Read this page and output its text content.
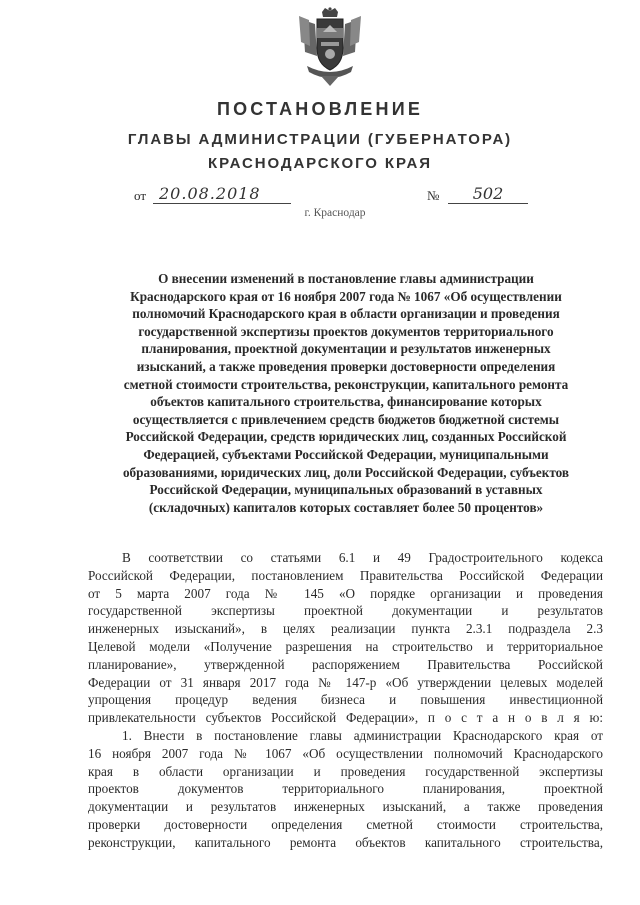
ПОСТАНОВЛЕНИЕ
ГЛАВЫ АДМИНИСТРАЦИИ (ГУБЕРНАТОРА)
КРАСНОДАРСКОГО КРАЯ
от 20.08.2018	№	502
г. Краснодар
О внесении изменений в постановление главы администрации
Краснодарского края от 16 ноября 2007 года № 1067 «Об осуществлении
полномочий Краснодарского края в области организации и проведения
государственной экспертизы проектов документов территориального
планирования, проектной документации и результатов инженерных
изысканий, а также проведения проверки достоверности определения
сметной стоимости строительства, реконструкции, капитального ремонта
объектов капитального строительства, финансирование которых
осуществляется с привлечением средств бюджетов бюджетной системы
Российской Федерации, средств юридических лиц, созданных Российской
Федерацией, субъектами Российской Федерации, муниципальными
образованиями, юридических лиц, доли Российской Федерации, субъектов
Российской Федерации, муниципальных образований в уставных
(складочных) капиталов которых составляет более 50 процентов»
В соответствии со статьями 6.1 и 49 Градостроительного кодекса
Российской Федерации, постановлением Правительства Российской Федерации
от 5 марта 2007 года № 145 «О порядке организации и проведения
государственной экспертизы проектной документации и результатов
инженерных изысканий», в целях реализации пункта 2.3.1 подраздела 2.3
Целевой модели «Получение разрешения на строительство и территориальное
планирование», утвержденной распоряжением Правительства Российской
Федерации от 31 января 2017 года № 147-р «Об утверждении целевых моделей
упрощения процедур ведения бизнеса и повышения инвестиционной
привлекательности субъектов Российской Федерации», п о с т а н о в л я ю:
1. Внести в постановление главы администрации Краснодарского края от
16 ноября 2007 года № 1067 «Об осуществлении полномочий Краснодарского
края в области организации и проведения государственной экспертизы
проектов документов территориального планирования, проектной
документации и результатов инженерных изысканий, а также проведения
проверки достоверности определения сметной стоимости строительства,
реконструкции, капитального ремонта объектов капитального строительства,
